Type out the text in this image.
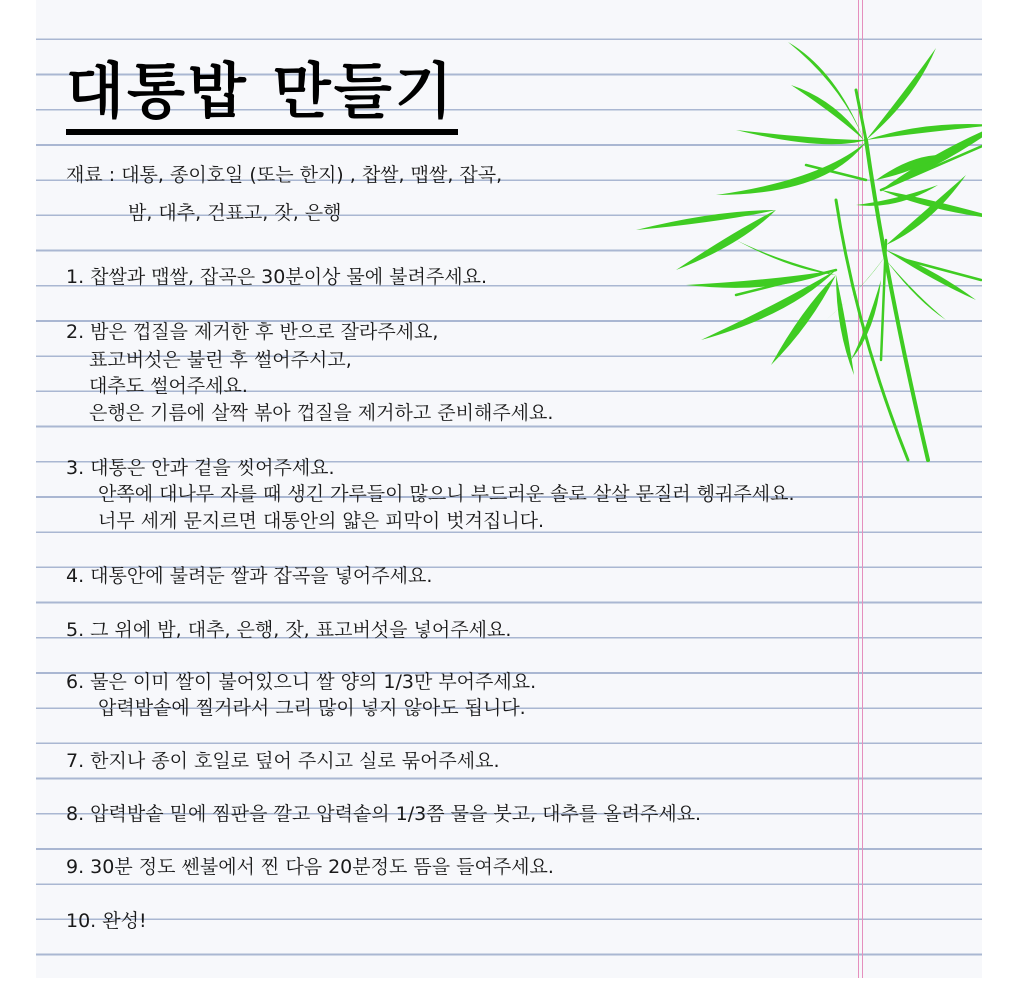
대통밥 만들기
재료 : 대통, 종이호일 (또는 한지) , 찹쌀, 맵쌀, 잡곡,
밤, 대추, 건표고, 잣, 은행
1. 찹쌀과 맵쌀, 잡곡은 30분이상 물에 불려주세요.
2. 밤은 껍질을 제거한 후 반으로 잘라주세요,
표고버섯은 불린 후 썰어주시고,
대추도 썰어주세요.
은행은 기름에 살짝 볶아 껍질을 제거하고 준비해주세요.
3. 대통은 안과 겉을 씻어주세요.
안쪽에 대나무 자를 때 생긴 가루들이 많으니 부드러운 솔로 살살 문질러 헹궈주세요.
너무 세게 문지르면 대통안의 얇은 피막이 벗겨집니다.
4. 대통안에 불려둔 쌀과 잡곡을 넣어주세요.
5. 그 위에 밤, 대추, 은행, 잣, 표고버섯을 넣어주세요.
6. 물은 이미 쌀이 불어있으니 쌀 양의 1/3만 부어주세요.
압력밥솥에 찔거라서 그리 많이 넣지 않아도 됩니다.
7. 한지나 종이 호일로 덮어 주시고 실로 묶어주세요.
8. 압력밥솥 밑에 찜판을 깔고 압력솥의 1/3쯤 물을 붓고, 대추를 올려주세요.
9. 30분 정도 쎈불에서 찐 다음 20분정도 뜸을 들여주세요.
10. 완성!
